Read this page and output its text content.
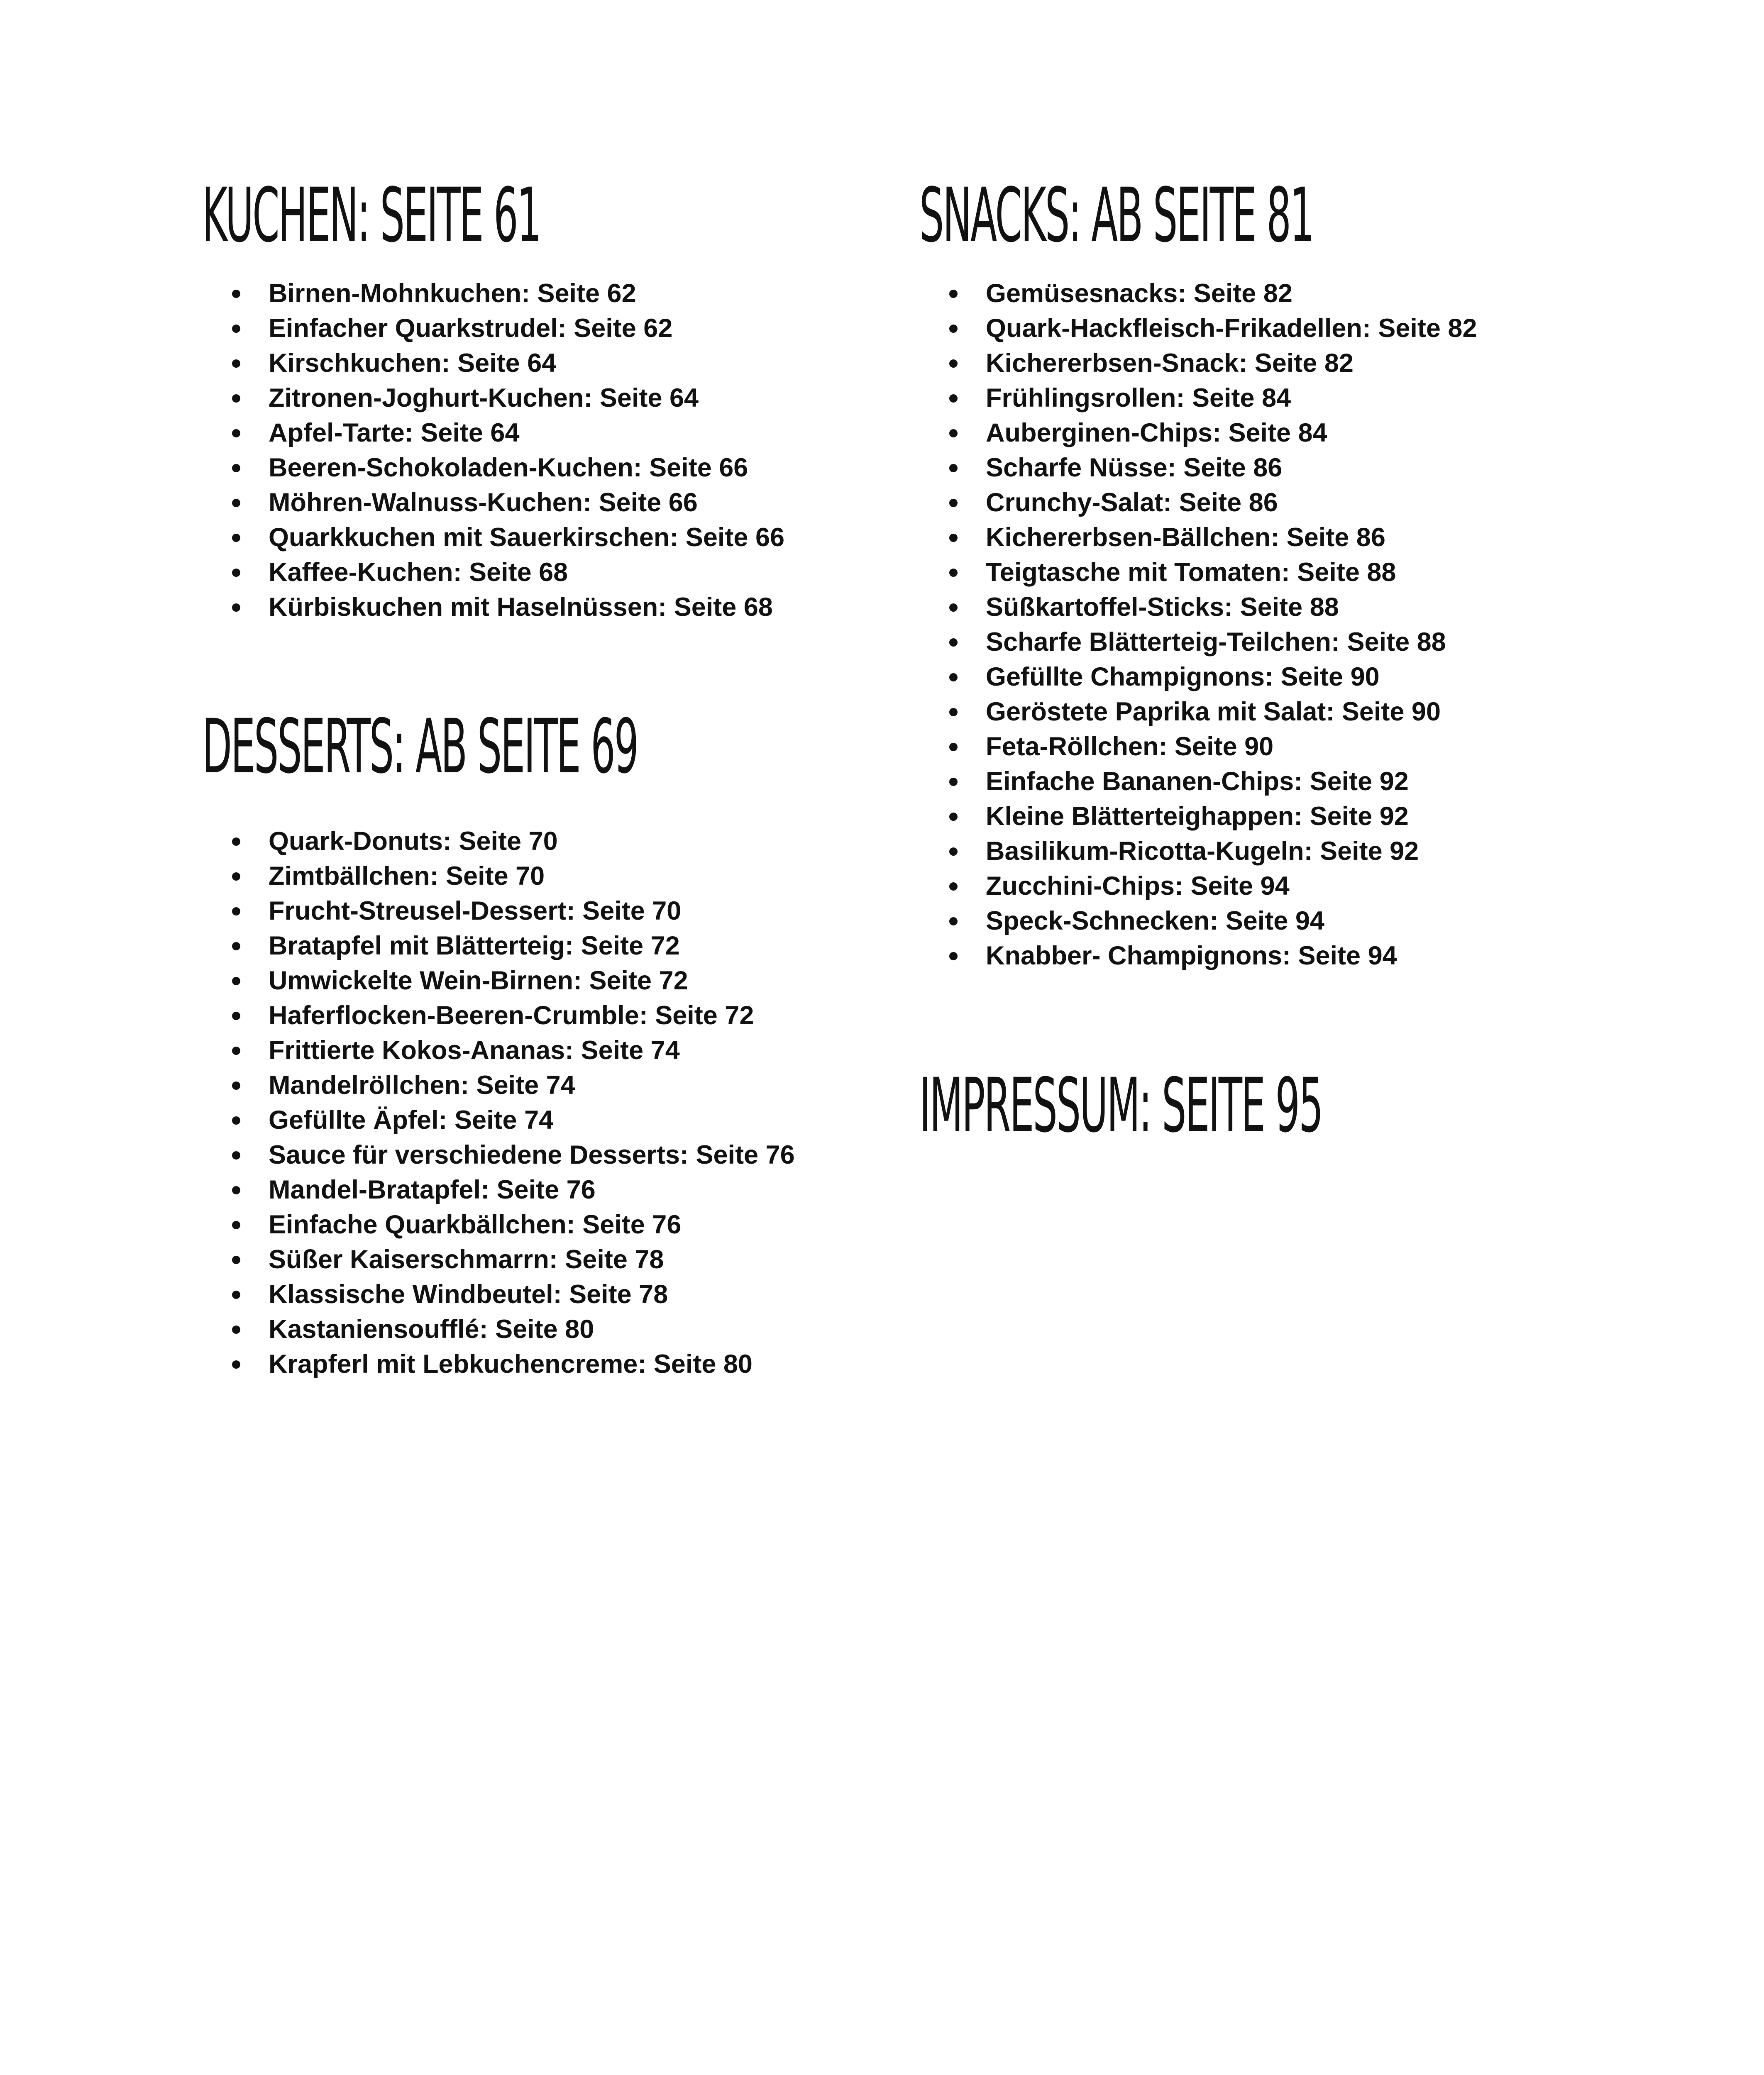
KUCHEN: SEITE 61
Birnen-Mohnkuchen: Seite 62
Einfacher Quarkstrudel: Seite 62
Kirschkuchen: Seite 64
Zitronen-Joghurt-Kuchen: Seite 64
Apfel-Tarte: Seite 64
Beeren-Schokoladen-Kuchen: Seite 66
Möhren-Walnuss-Kuchen: Seite 66
Quarkkuchen mit Sauerkirschen: Seite 66
Kaffee-Kuchen: Seite 68
Kürbiskuchen mit Haselnüssen: Seite 68
DESSERTS: AB SEITE 69
Quark-Donuts: Seite 70
Zimtbällchen: Seite 70
Frucht-Streusel-Dessert: Seite 70
Bratapfel mit Blätterteig: Seite 72
Umwickelte Wein-Birnen: Seite 72
Haferflocken-Beeren-Crumble: Seite 72
Frittierte Kokos-Ananas: Seite 74
Mandelröllchen: Seite 74
Gefüllte Äpfel: Seite 74
Sauce für verschiedene Desserts: Seite 76
Mandel-Bratapfel: Seite 76
Einfache Quarkbällchen: Seite 76
Süßer Kaiserschmarrn: Seite 78
Klassische Windbeutel: Seite 78
Kastaniensoufflé: Seite 80
Krapferl mit Lebkuchencreme: Seite 80
SNACKS: AB SEITE 81
Gemüsesnacks: Seite 82
Quark-Hackfleisch-Frikadellen: Seite 82
Kichererbsen-Snack: Seite 82
Frühlingsrollen: Seite 84
Auberginen-Chips: Seite 84
Scharfe Nüsse: Seite 86
Crunchy-Salat: Seite 86
Kichererbsen-Bällchen: Seite 86
Teigtasche mit Tomaten: Seite 88
Süßkartoffel-Sticks: Seite 88
Scharfe Blätterteig-Teilchen: Seite 88
Gefüllte Champignons: Seite 90
Geröstete Paprika mit Salat: Seite 90
Feta-Röllchen: Seite 90
Einfache Bananen-Chips: Seite 92
Kleine Blätterteighappen: Seite 92
Basilikum-Ricotta-Kugeln: Seite 92
Zucchini-Chips: Seite 94
Speck-Schnecken: Seite 94
Knabber- Champignons: Seite 94
IMPRESSUM: SEITE 95
